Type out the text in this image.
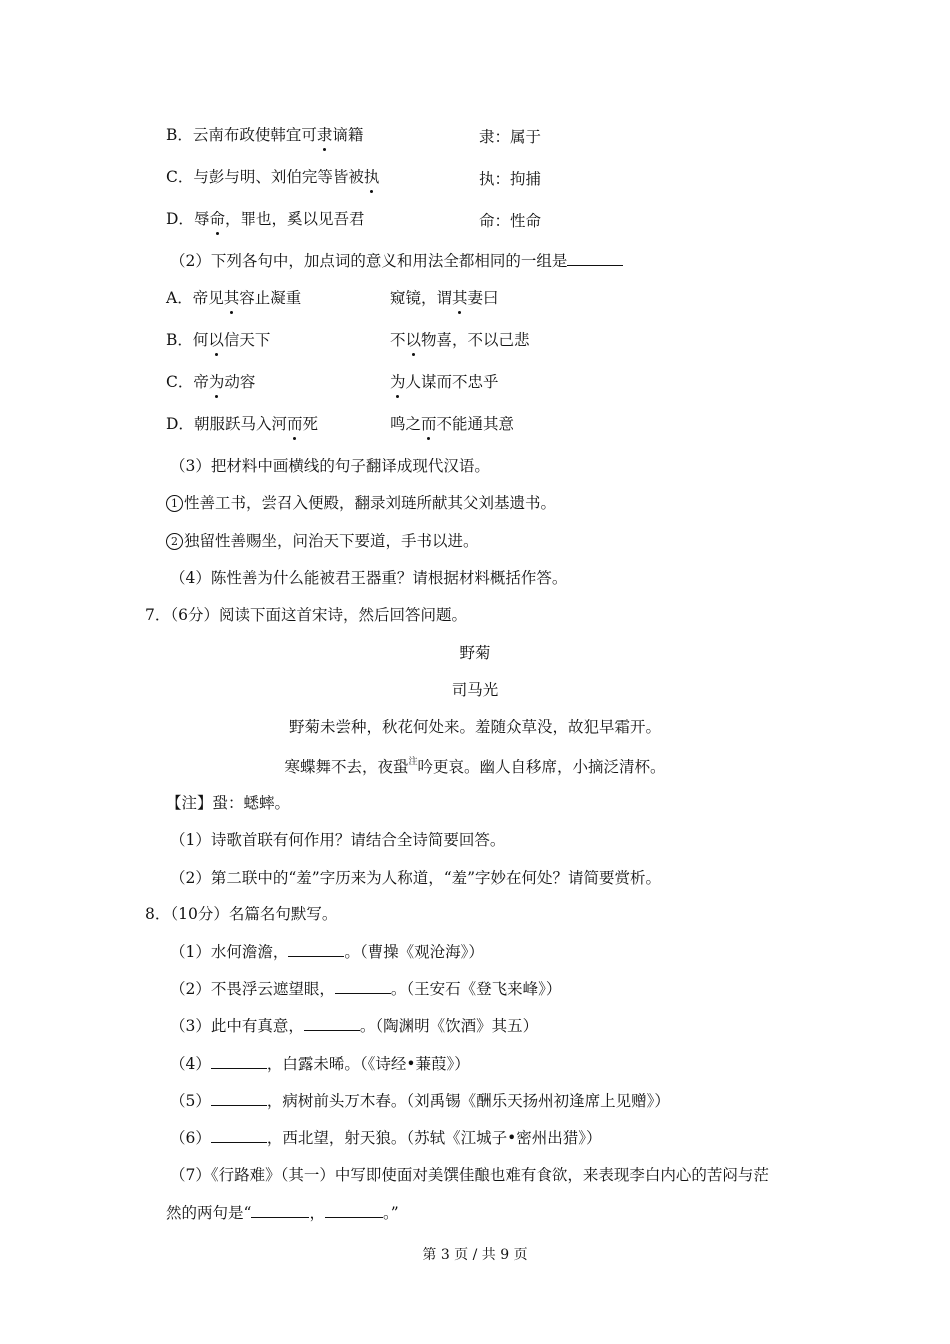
B．云南布政使韩宜可隶谪籍	隶：属于
C．与彭与明、刘伯完等皆被执	执：拘捕
D．辱命，罪也，奚以见吾君	命：性命
（2）下列各句中，加点词的意义和用法全都相同的一组是
A．帝见其容止凝重	窥镜，谓其妻曰
B．何以信天下	不以物喜，不以己悲
C．帝为动容	为人谋而不忠乎
D．朝服跃马入河而死	鸣之而不能通其意
（3）把材料中画横线的句子翻译成现代汉语。
1 性善工书，尝召入便殿，翻录刘琏所献其父刘基遗书。
2 独留性善赐坐，问治天下要道，手书以进。
（4）陈性善为什么能被君王器重？请根据材料概括作答。
7．（6分）阅读下面这首宋诗，然后回答问题。
野菊
司马光
野菊未尝种，秋花何处来。羞随众草没，故犯早霜开。
寒蝶舞不去，夜蛩$^注$吟更哀。幽人自移席，小摘泛清杯。
【注】蛩：蟋蟀。
（1）诗歌首联有何作用？请结合全诗简要回答。
（2）第二联中的“羞”字历来为人称道，“羞”字妙在何处？请简要赏析。
8．（10分）名篇名句默写。
（1）水何澹澹，	。（曹操《观沧海》）
（2）不畏浮云遮望眼，	。（王安石《登飞来峰》）
（3）此中有真意，	。（陶渊明《饮酒》其五）
（4）	，白露未晞。（《诗经•蒹葭》）
（5）	，病树前头万木春。（刘禹锡《酬乐天扬州初逢席上见赠》）
（6）	，西北望，射天狼。（苏轼《江城子•密州出猎》）
（7）《行路难》（其一）中写即使面对美馔佳酿也难有食欲，来表现李白内心的苦闷与茫
然的两句是“	，	。”
第 3 页 / 共 9 页
